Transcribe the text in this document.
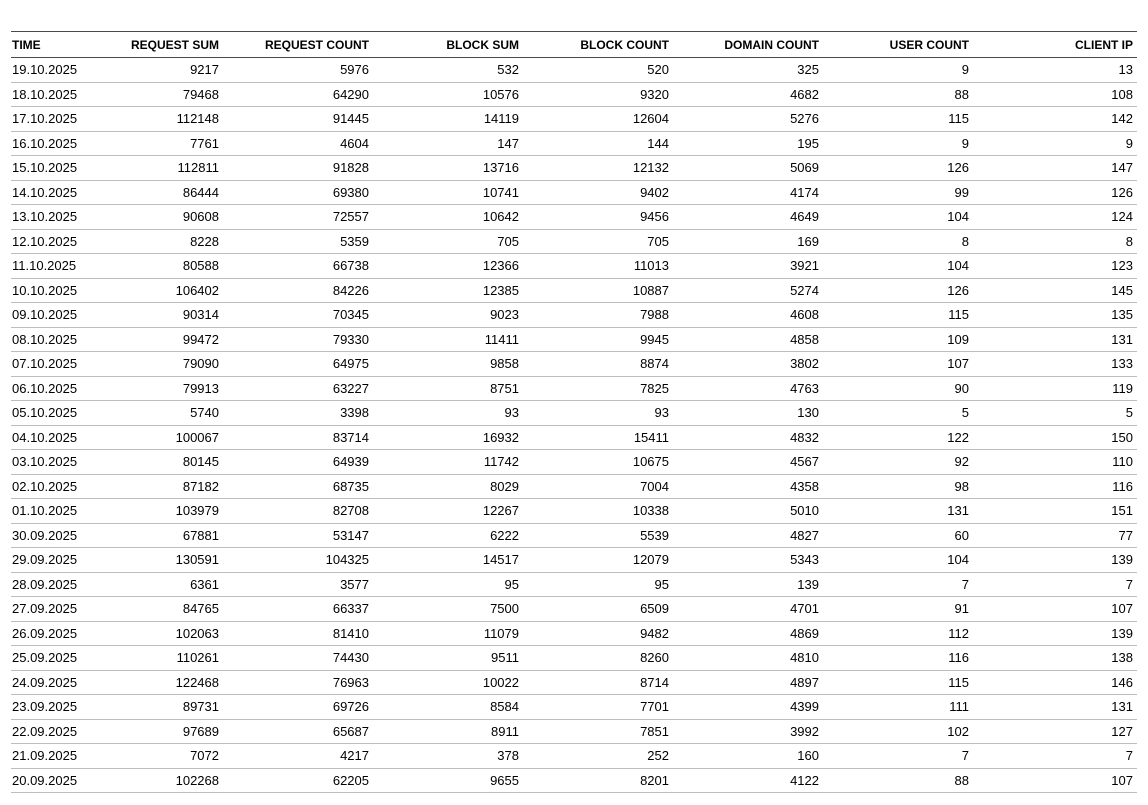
TIME	REQUEST SUM	REQUEST COUNT	BLOCK SUM	BLOCK COUNT	DOMAIN COUNT	USER COUNT	CLIENT IP
19.10.2025	9217	5976	532	520	325	9	13
18.10.2025	79468	64290	10576	9320	4682	88	108
17.10.2025	112148	91445	14119	12604	5276	115	142
16.10.2025	7761	4604	147	144	195	9	9
15.10.2025	112811	91828	13716	12132	5069	126	147
14.10.2025	86444	69380	10741	9402	4174	99	126
13.10.2025	90608	72557	10642	9456	4649	104	124
12.10.2025	8228	5359	705	705	169	8	8
11.10.2025	80588	66738	12366	11013	3921	104	123
10.10.2025	106402	84226	12385	10887	5274	126	145
09.10.2025	90314	70345	9023	7988	4608	115	135
08.10.2025	99472	79330	11411	9945	4858	109	131
07.10.2025	79090	64975	9858	8874	3802	107	133
06.10.2025	79913	63227	8751	7825	4763	90	119
05.10.2025	5740	3398	93	93	130	5	5
04.10.2025	100067	83714	16932	15411	4832	122	150
03.10.2025	80145	64939	11742	10675	4567	92	110
02.10.2025	87182	68735	8029	7004	4358	98	116
01.10.2025	103979	82708	12267	10338	5010	131	151
30.09.2025	67881	53147	6222	5539	4827	60	77
29.09.2025	130591	104325	14517	12079	5343	104	139
28.09.2025	6361	3577	95	95	139	7	7
27.09.2025	84765	66337	7500	6509	4701	91	107
26.09.2025	102063	81410	11079	9482	4869	112	139
25.09.2025	110261	74430	9511	8260	4810	116	138
24.09.2025	122468	76963	10022	8714	4897	115	146
23.09.2025	89731	69726	8584	7701	4399	111	131
22.09.2025	97689	65687	8911	7851	3992	102	127
21.09.2025	7072	4217	378	252	160	7	7
20.09.2025	102268	62205	9655	8201	4122	88	107
